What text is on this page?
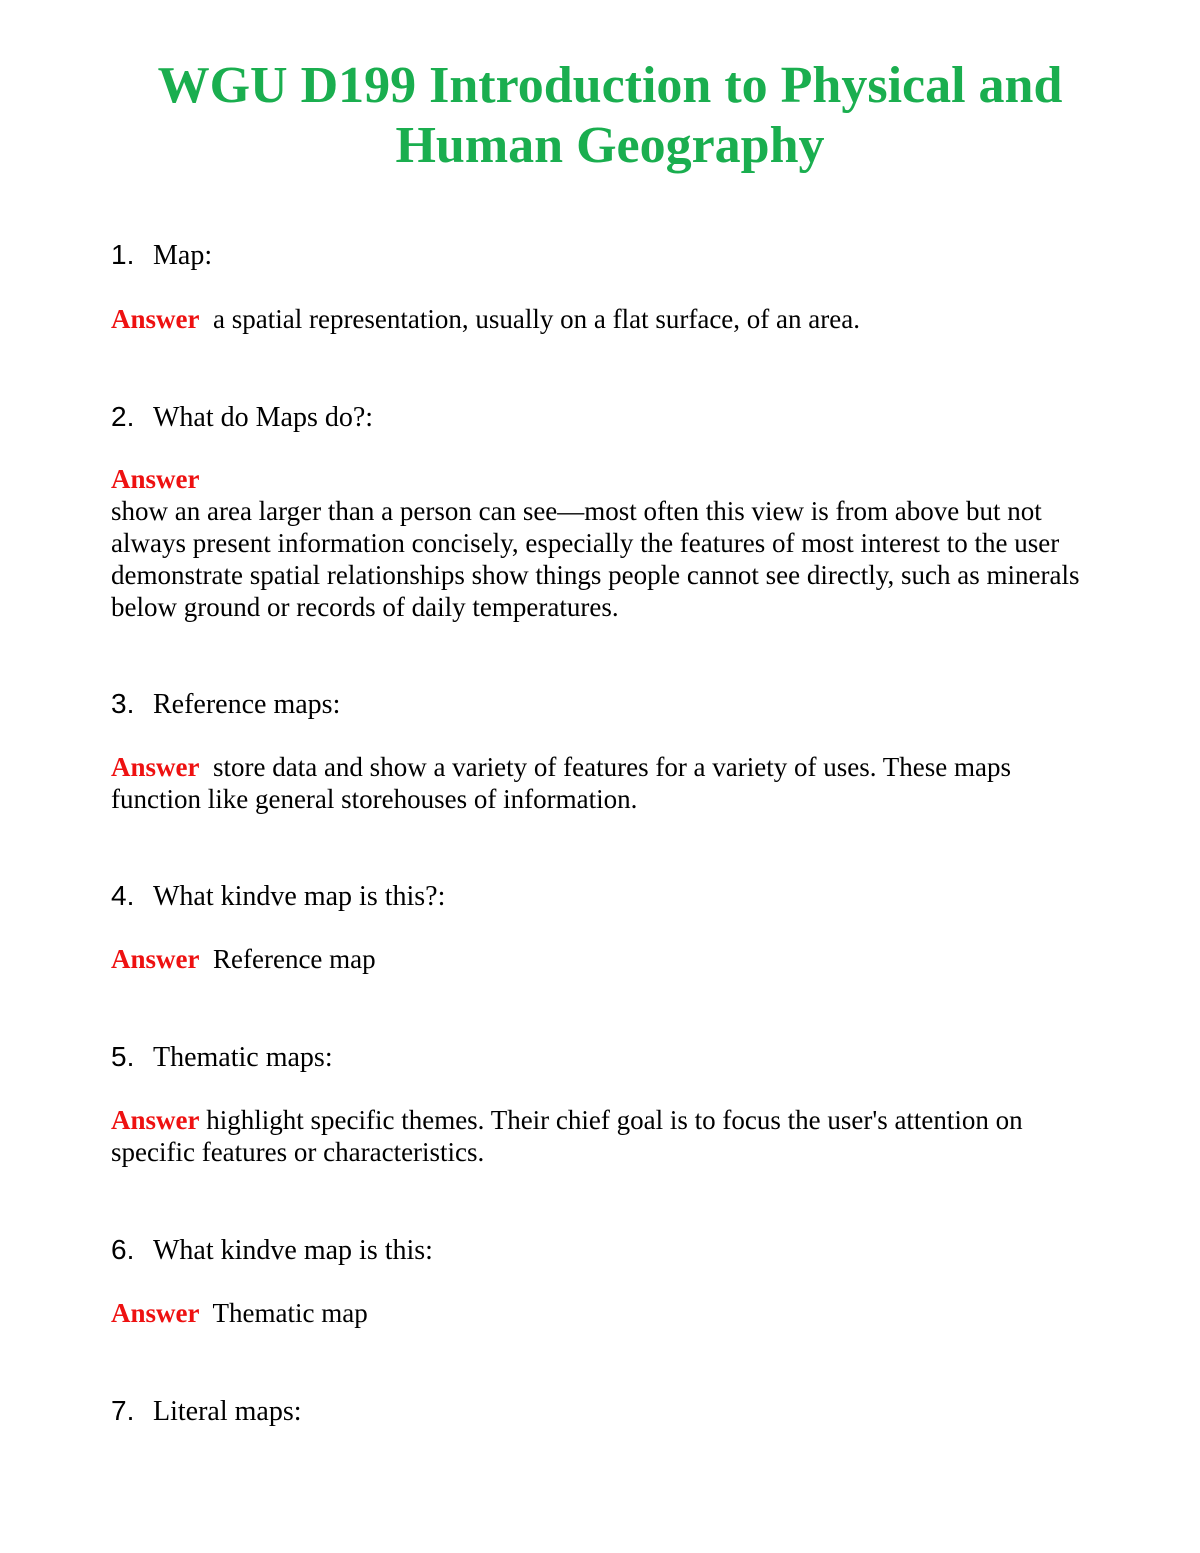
WGU D199 Introduction to Physical and
Human Geography
1. Map:
Answer a spatial representation, usually on a flat surface, of an area.
2. What do Maps do?:
Answer
show an area larger than a person can see—most often this view is from above but not
always present information concisely, especially the features of most interest to the user
demonstrate spatial relationships show things people cannot see directly, such as minerals
below ground or records of daily temperatures.
3. Reference maps:
Answer store data and show a variety of features for a variety of uses. These maps
function like general storehouses of information.
4. What kindve map is this?:
Answer Reference map
5. Thematic maps:
Answer highlight specific themes. Their chief goal is to focus the user's attention on
specific features or characteristics.
6. What kindve map is this:
Answer Thematic map
7. Literal maps:
